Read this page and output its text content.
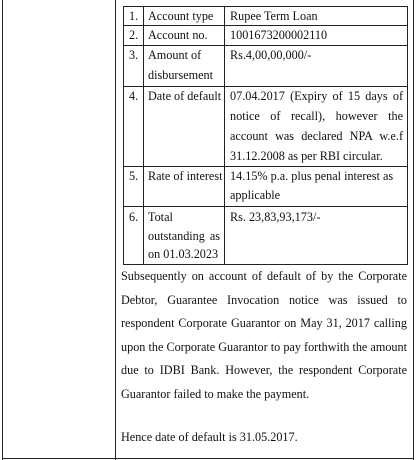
1. Account type Rupee Term Loan
2. Account no. 1001673200002110
3. Amount of
disbursement
Rs.4,00,00,000/-
4. Date of default 07.04.2017 (Expiry of 15 days of
notice of recall), however the
account was declared NPA w.e.f
31.12.2008 as per RBI circular.
5. Rate of interest 14.15% p.a. plus penal interest as
applicable
6. Total
outstanding as
on 01.03.2023
Rs. 23,83,93,173/-
Subsequently on account of default of by the Corporate
Debtor, Guarantee Invocation notice was issued to
respondent Corporate Guarantor on May 31, 2017 calling
upon the Corporate Guarantor to pay forthwith the amount
due to IDBI Bank. However, the respondent Corporate
Guarantor failed to make the payment.
Hence date of default is 31.05.2017.
